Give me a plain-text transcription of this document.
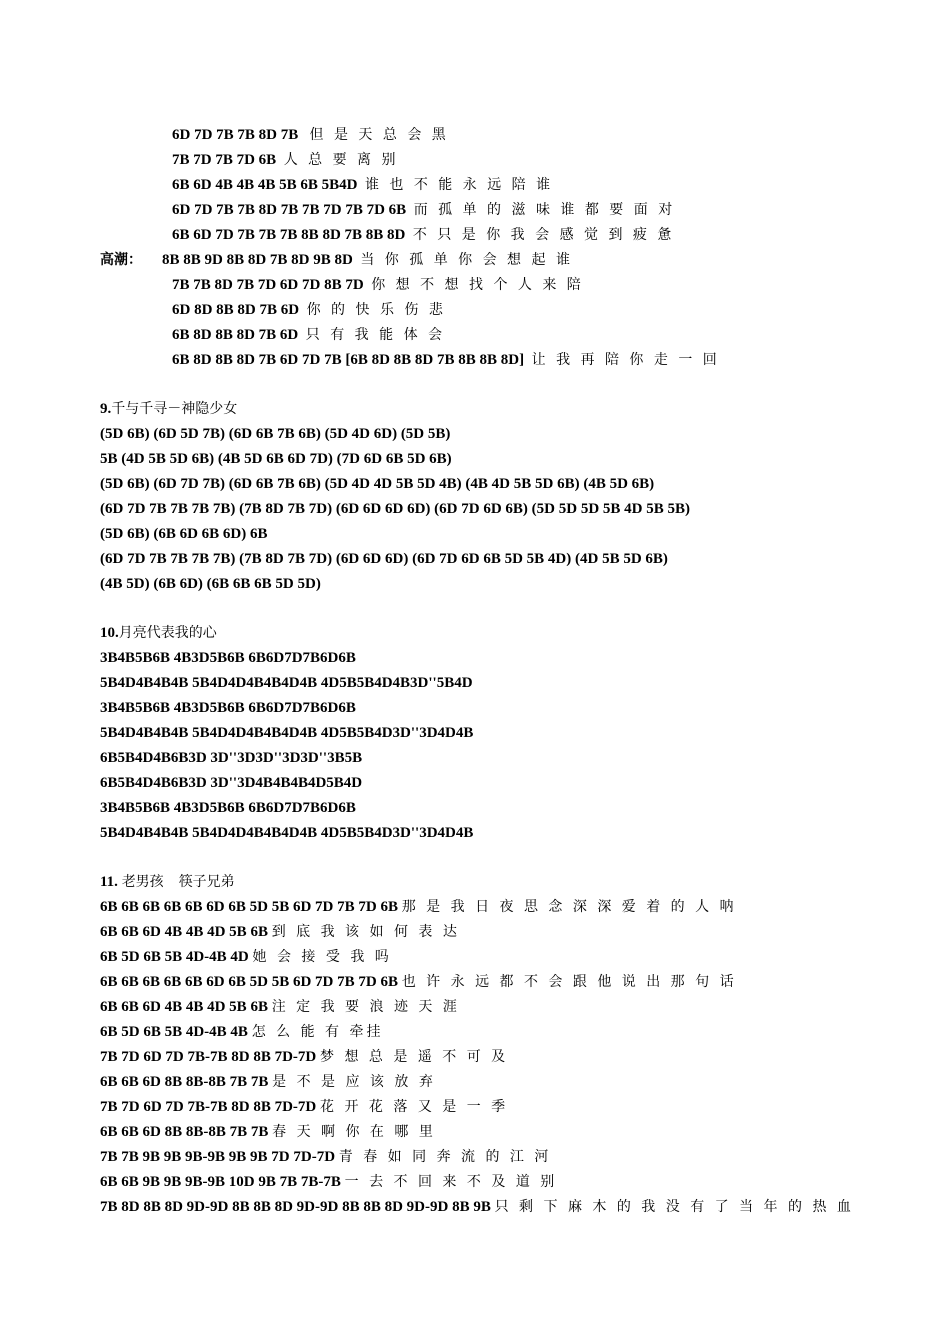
6D 7D 7B 7B 8D 7B 但 是 天 总 会 黑
7B 7D 7B 7D 6B 人 总 要 离 别
6B 6D 4B 4B 4B 5B 6B 5B4D 谁 也 不 能 永 远 陪 谁
6D 7D 7B 7B 8D 7B 7B 7D 7B 7D 6B 而 孤 单 的 滋 味 谁 都 要 面 对
6B 6D 7D 7B 7B 7B 8B 8D 7B 8B 8D 不 只 是 你 我 会 感 觉 到 疲 惫
高潮： 8B 8B 9D 8B 8D 7B 8D 9B 8D 当 你 孤 单 你 会 想 起 谁
7B 7B 8D 7B 7D 6D 7D 8B 7D 你 想 不 想 找 个 人 来 陪
6D 8D 8B 8D 7B 6D 你 的 快 乐 伤 悲
6B 8D 8B 8D 7B 6D 只 有 我 能 体 会
6B 8D 8B 8D 7B 6D 7D 7B [6B 8D 8B 8D 7B 8B 8B 8D] 让 我 再 陪 你 走 一 回
9.千与千寻－神隐少女
(5D 6B) (6D 5D 7B) (6D 6B 7B 6B) (5D 4D 6D) (5D 5B)
5B (4D 5B 5D 6B) (4B 5D 6B 6D 7D) (7D 6D 6B 5D 6B)
(5D 6B) (6D 7D 7B) (6D 6B 7B 6B) (5D 4D 4D 5B 5D 4B) (4B 4D 5B 5D 6B) (4B 5D 6B)
(6D 7D 7B 7B 7B 7B) (7B 8D 7B 7D) (6D 6D 6D 6D) (6D 7D 6D 6B) (5D 5D 5D 5B 4D 5B 5B)
(5D 6B) (6B 6D 6B 6D) 6B
(6D 7D 7B 7B 7B 7B) (7B 8D 7B 7D) (6D 6D 6D) (6D 7D 6D 6B 5D 5B 4D) (4D 5B 5D 6B)
(4B 5D) (6B 6D) (6B 6B 6B 5D 5D)
10.月亮代表我的心
3B4B5B6B 4B3D5B6B 6B6D7D7B6D6B
5B4D4B4B4B 5B4D4D4B4B4D4B 4D5B5B4D4B3D''5B4D
3B4B5B6B 4B3D5B6B 6B6D7D7B6D6B
5B4D4B4B4B 5B4D4D4B4B4D4B 4D5B5B4D3D''3D4D4B
6B5B4D4B6B3D 3D''3D3D''3D3D''3B5B
6B5B4D4B6B3D 3D''3D4B4B4B4D5B4D
3B4B5B6B 4B3D5B6B 6B6D7D7B6D6B
5B4D4B4B4B 5B4D4D4B4B4D4B 4D5B5B4D3D''3D4D4B
11. 老男孩 筷子兄弟
6B 6B 6B 6B 6B 6D 6B 5D 5B 6D 7D 7B 7D 6B 那 是 我 日 夜 思 念 深 深 爱 着 的 人 呐
6B 6B 6D 4B 4B 4D 5B 6B 到 底 我 该 如 何 表 达
6B 5D 6B 5B 4D-4B 4D 她 会 接 受 我 吗
6B 6B 6B 6B 6B 6D 6B 5D 5B 6D 7D 7B 7D 6B 也 许 永 远 都 不 会 跟 他 说 出 那 句 话
6B 6B 6D 4B 4B 4D 5B 6B 注 定 我 要 浪 迹 天 涯
6B 5D 6B 5B 4D-4B 4B 怎 么 能 有 牵挂
7B 7D 6D 7D 7B-7B 8D 8B 7D-7D 梦 想 总 是 遥 不 可 及
6B 6B 6D 8B 8B-8B 7B 7B 是 不 是 应 该 放 弃
7B 7D 6D 7D 7B-7B 8D 8B 7D-7D 花 开 花 落 又 是 一 季
6B 6B 6D 8B 8B-8B 7B 7B 春 天 啊 你 在 哪 里
7B 7B 9B 9B 9B-9B 9B 9B 7D 7D-7D 青 春 如 同 奔 流 的 江 河
6B 6B 9B 9B 9B-9B 10D 9B 7B 7B-7B 一 去 不 回 来 不 及 道 别
7B 8D 8B 8D 9D-9D 8B 8B 8D 9D-9D 8B 8B 8D 9D-9D 8B 9B 只 剩 下 麻 木 的 我 没 有 了 当 年 的 热 血
